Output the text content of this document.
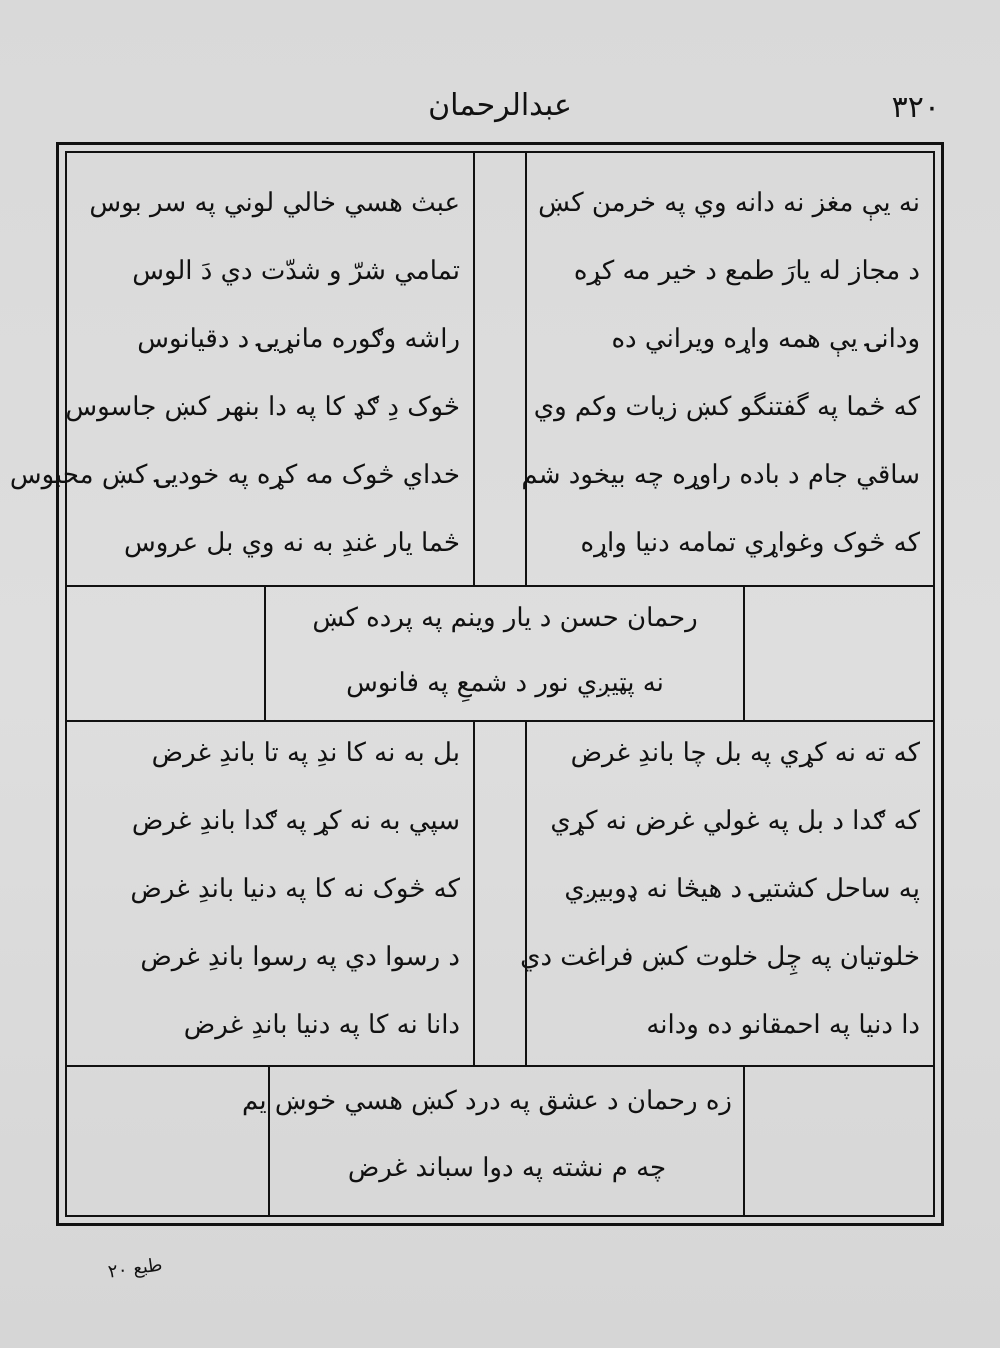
عبدالرحمان	۳۲۰
نه يې مغز نه دانه وي په خرمن کښ
د مجاز له يارَ طمع د خير مه کړه
ودانۍ يې همه واړه ويراني ده
که څما په گفتنگو کښ زيات وکم وي
ساقي جام د باده راوړه چه بيخود شم
که څوک وغواړي تمامه دنيا واړه
عبث هسي خالي لوني په سر بوس
تمامي شرّ و شدّت دي دَ الوس
راشه وګوره مانړيۍ د دقيانوس
څوک دِ ګډ کا په دا بنهر کښ جاسوس
خداي څوک مه کړه په خوديۍ کښ محبوس
څما يار غندِ به نه وي بل عروس
رحمان حسن د يار وينم په پرده کښ
نه پټيږي نور د شمعِ په فانوس
که ته نه کړي په بل چا باندِ غرض
که ګدا د بل په غولي غرض نه کړي
په ساحل کشتيۍ د هيڅا نه ډوبيږي
خلوتيان په چِل خلوت کښ فراغت دي
دا دنيا په احمقانو ده ودانه
بل به نه کا ندِ په تا باندِ غرض
سپي به نه کړ په ګدا باندِ غرض
که څوک نه کا په دنيا باندِ غرض
د رسوا دي په رسوا باندِ غرض
دانا نه کا په دنيا باندِ غرض
زه رحمان د عشق په درد کښ هسي خوښ يم
چه م نشته په دوا سباند غرض
طبع ٢٠
